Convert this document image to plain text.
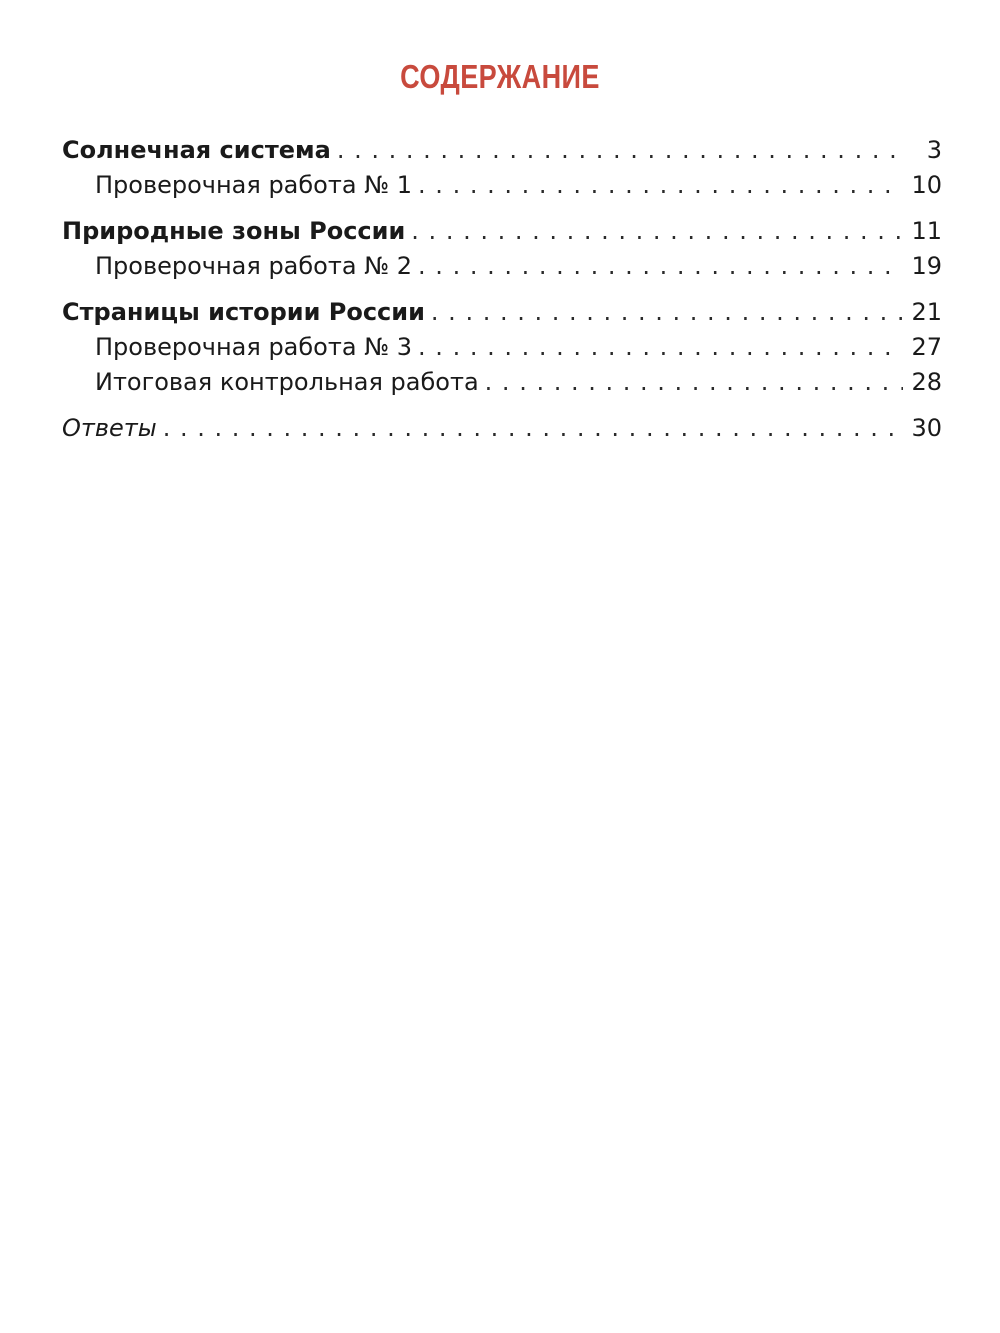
СОДЕРЖАНИЕ
Солнечная система . . .	3
Проверочная работа № 1 . . .	10
Природные зоны России . . .	11
Проверочная работа № 2 . . .	19
Страницы истории России . . .	21
Проверочная работа № 3 . . .	27
Итоговая контрольная работа . . .	28
Ответы . . .	30
